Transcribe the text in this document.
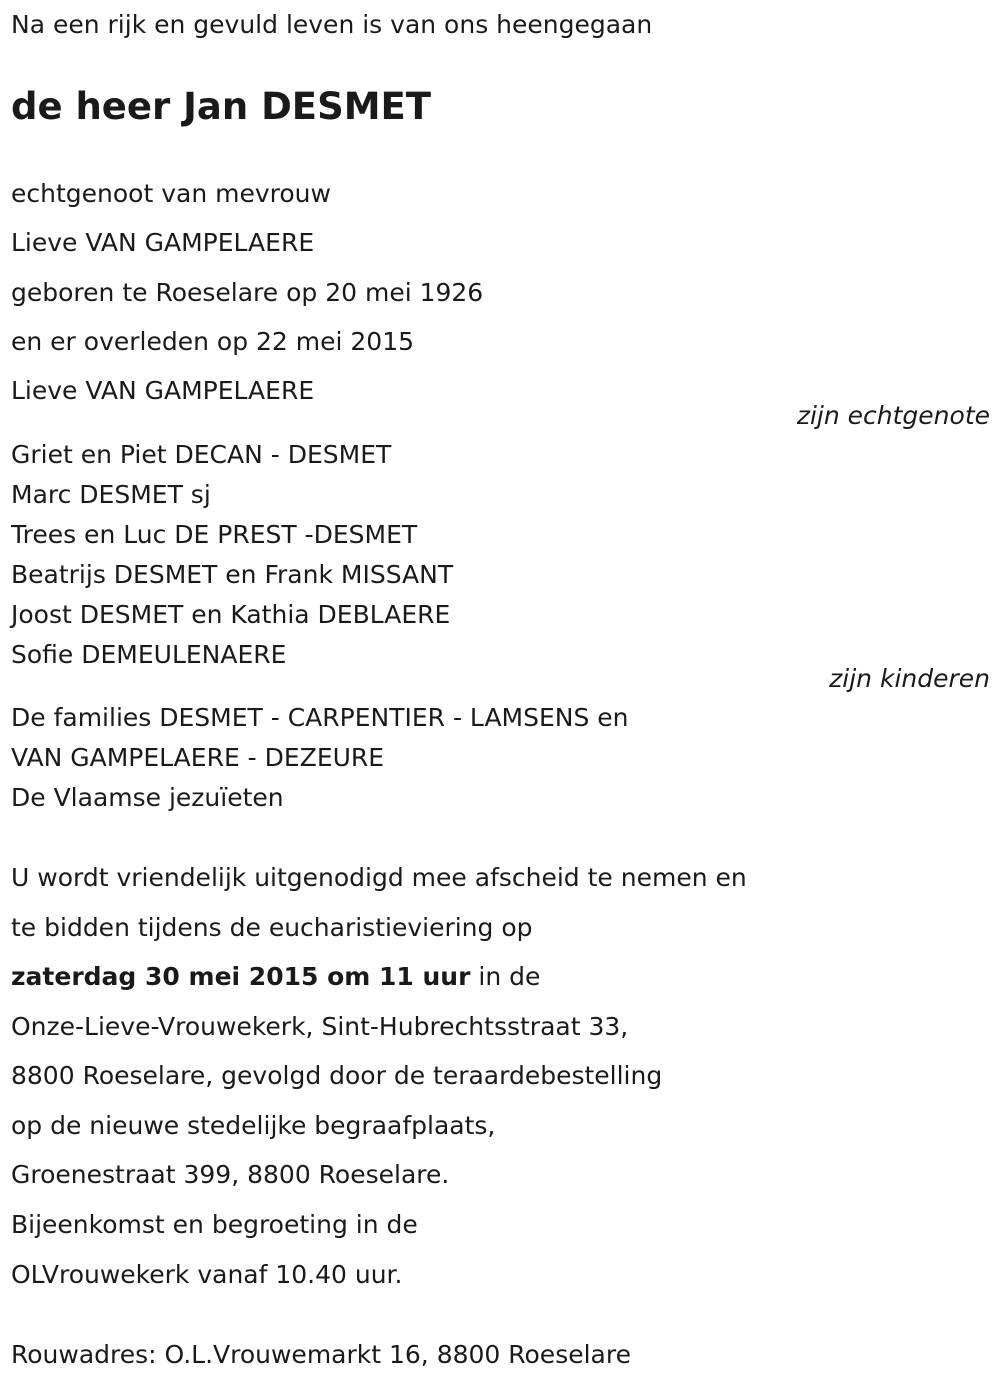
Na een rijk en gevuld leven is van ons heengegaan
de heer Jan DESMET
echtgenoot van mevrouw
Lieve VAN GAMPELAERE
geboren te Roeselare op 20 mei 1926
en er overleden op 22 mei 2015
Lieve VAN GAMPELAERE
zijn echtgenote
Griet en Piet DECAN - DESMET
Marc DESMET sj
Trees en Luc DE PREST -DESMET
Beatrijs DESMET en Frank MISSANT
Joost DESMET en Kathia DEBLAERE
Sofie DEMEULENAERE
zijn kinderen
De families DESMET - CARPENTIER - LAMSENS en
VAN GAMPELAERE - DEZEURE
De Vlaamse jezuïeten
U wordt vriendelijk uitgenodigd mee afscheid te nemen en
te bidden tijdens de eucharistieviering op
zaterdag 30 mei 2015 om 11 uur in de
Onze-Lieve-Vrouwekerk, Sint-Hubrechtsstraat 33,
8800 Roeselare, gevolgd door de teraardebestelling
op de nieuwe stedelijke begraafplaats,
Groenestraat 399, 8800 Roeselare.
Bijeenkomst en begroeting in de
OLVrouwekerk vanaf 10.40 uur.
Rouwadres: O.L.Vrouwemarkt 16, 8800 Roeselare
